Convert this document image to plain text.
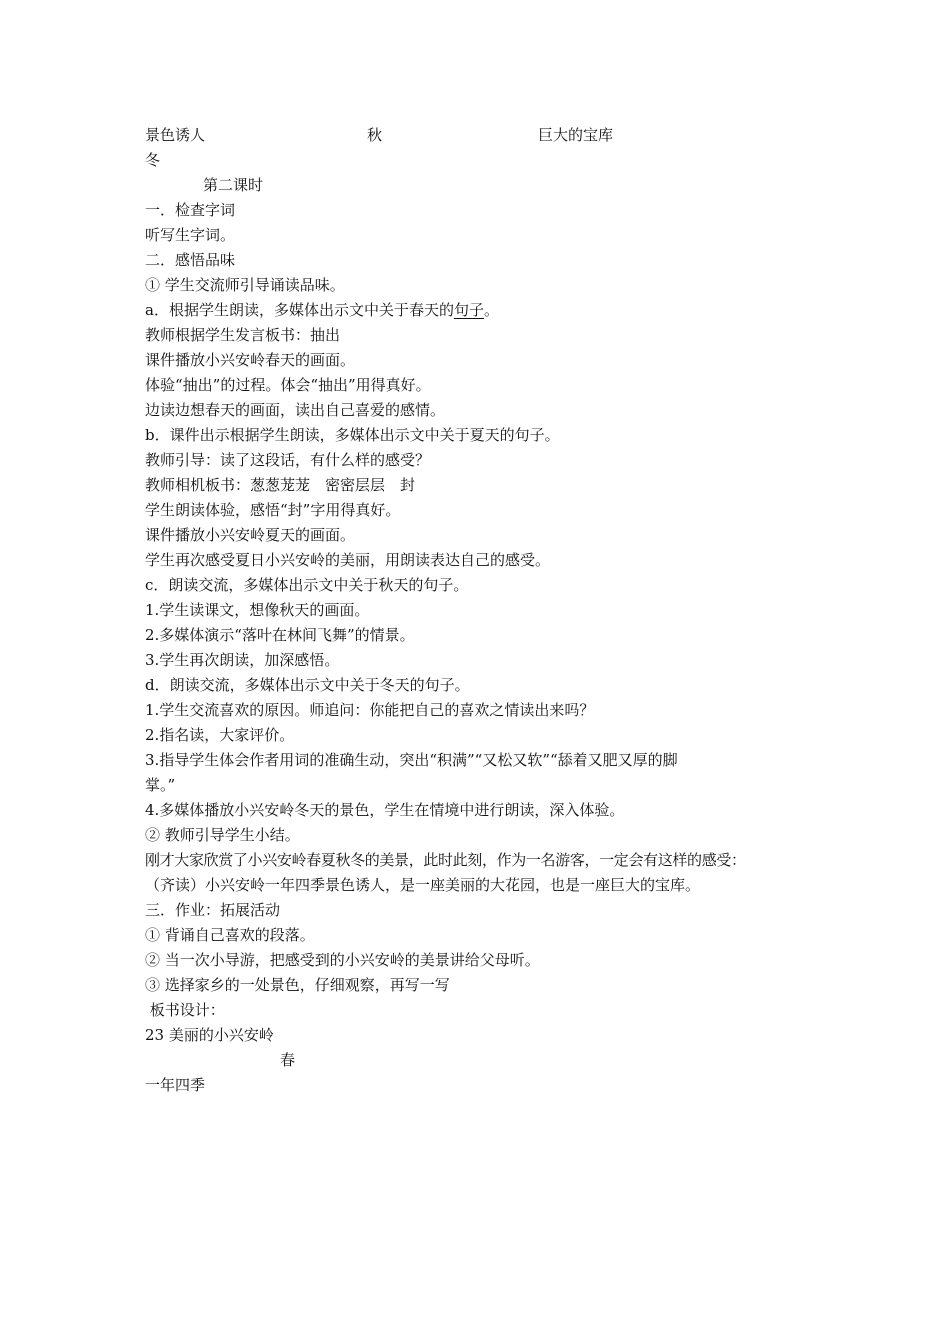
景色诱人	秋	巨大的宝库
冬
第二课时
一．检查字词
听写生字词。
二．感悟品味
① 学生交流师引导诵读品味。
a．根据学生朗读，多媒体出示文中关于春天的句子。
教师根据学生发言板书：抽出
课件播放小兴安岭春天的画面。
体验“抽出”的过程。体会“抽出”用得真好。
边读边想春天的画面，读出自己喜爱的感情。
b．课件出示根据学生朗读，多媒体出示文中关于夏天的句子。
教师引导：读了这段话，有什么样的感受？
教师相机板书：葱葱茏茏　密密层层　封
学生朗读体验，感悟“封”字用得真好。
课件播放小兴安岭夏天的画面。
学生再次感受夏日小兴安岭的美丽，用朗读表达自己的感受。
c．朗读交流，多媒体出示文中关于秋天的句子。
1.学生读课文，想像秋天的画面。
2.多媒体演示“落叶在林间飞舞”的情景。
3.学生再次朗读，加深感悟。
d．朗读交流，多媒体出示文中关于冬天的句子。
1.学生交流喜欢的原因。师追问：你能把自己的喜欢之情读出来吗？
2.指名读，大家评价。
3.指导学生体会作者用词的准确生动，突出“积满”“又松又软”“舔着又肥又厚的脚
掌。”
4.多媒体播放小兴安岭冬天的景色，学生在情境中进行朗读，深入体验。
② 教师引导学生小结。
刚才大家欣赏了小兴安岭春夏秋冬的美景，此时此刻，作为一名游客，一定会有这样的感受：
（齐读）小兴安岭一年四季景色诱人，是一座美丽的大花园，也是一座巨大的宝库。
三．作业：拓展活动
① 背诵自己喜欢的段落。
② 当一次小导游，把感受到的小兴安岭的美景讲给父母听。
③ 选择家乡的一处景色，仔细观察，再写一写
板书设计：
23 美丽的小兴安岭
春
一年四季
